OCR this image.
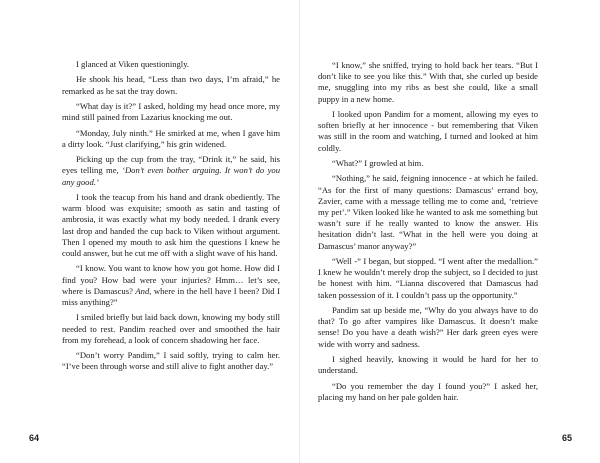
I glanced at Viken questioningly.

He shook his head, “Less than two days, I’m afraid,” he remarked as he sat the tray down.

“What day is it?” I asked, holding my head once more, my mind still pained from Lazarius knocking me out.

“Monday, July ninth.” He smirked at me, when I gave him a dirty look. “Just clarifying,” his grin widened.

Picking up the cup from the tray, “Drink it,” he said, his eyes telling me, ‘Don’t even bother arguing. It won’t do you any good.’

I took the teacup from his hand and drank obediently. The warm blood was exquisite; smooth as satin and tasting of ambrosia, it was exactly what my body needed. I drank every last drop and handed the cup back to Viken without argument. Then I opened my mouth to ask him the questions I knew he could answer, but he cut me off with a slight wave of his hand.

“I know. You want to know how you got home. How did I find you? How bad were your injuries? Hmm… let’s see, where is Damascus? And, where in the hell have I been? Did I miss anything?”

I smiled briefly but laid back down, knowing my body still needed to rest. Pandim reached over and smoothed the hair from my forehead, a look of concern shadowing her face.

“Don’t worry Pandim,” I said softly, trying to calm her. “I’ve been through worse and still alive to fight another day.”

64

“I know,” she sniffed, trying to hold back her tears. “But I don’t like to see you like this.” With that, she curled up beside me, snuggling into my ribs as best she could, like a small puppy in a new home.

I looked upon Pandim for a moment, allowing my eyes to soften briefly at her innocence - but remembering that Viken was still in the room and watching, I turned and looked at him coldly.

“What?” I growled at him.

“Nothing,” he said, feigning innocence - at which he failed. “As for the first of many questions: Damascus’ errand boy, Zavier, came with a message telling me to come and, ‘retrieve my pet’.” Viken looked like he wanted to ask me something but wasn’t sure if he really wanted to know the answer. His hesitation didn’t last. “What in the hell were you doing at Damascus’ manor anyway?”

“Well -” I began, but stopped. “I went after the medallion.” I knew he wouldn’t merely drop the subject, so I decided to just be honest with him. “Lianna discovered that Damascus had taken possession of it. I couldn’t pass up the opportunity.”

Pandim sat up beside me, “Why do you always have to do that? To go after vampires like Damascus. It doesn’t make sense! Do you have a death wish?” Her dark green eyes were wide with worry and sadness.

I sighed heavily, knowing it would be hard for her to understand.

“Do you remember the day I found you?” I asked her, placing my hand on her pale golden hair.

65
